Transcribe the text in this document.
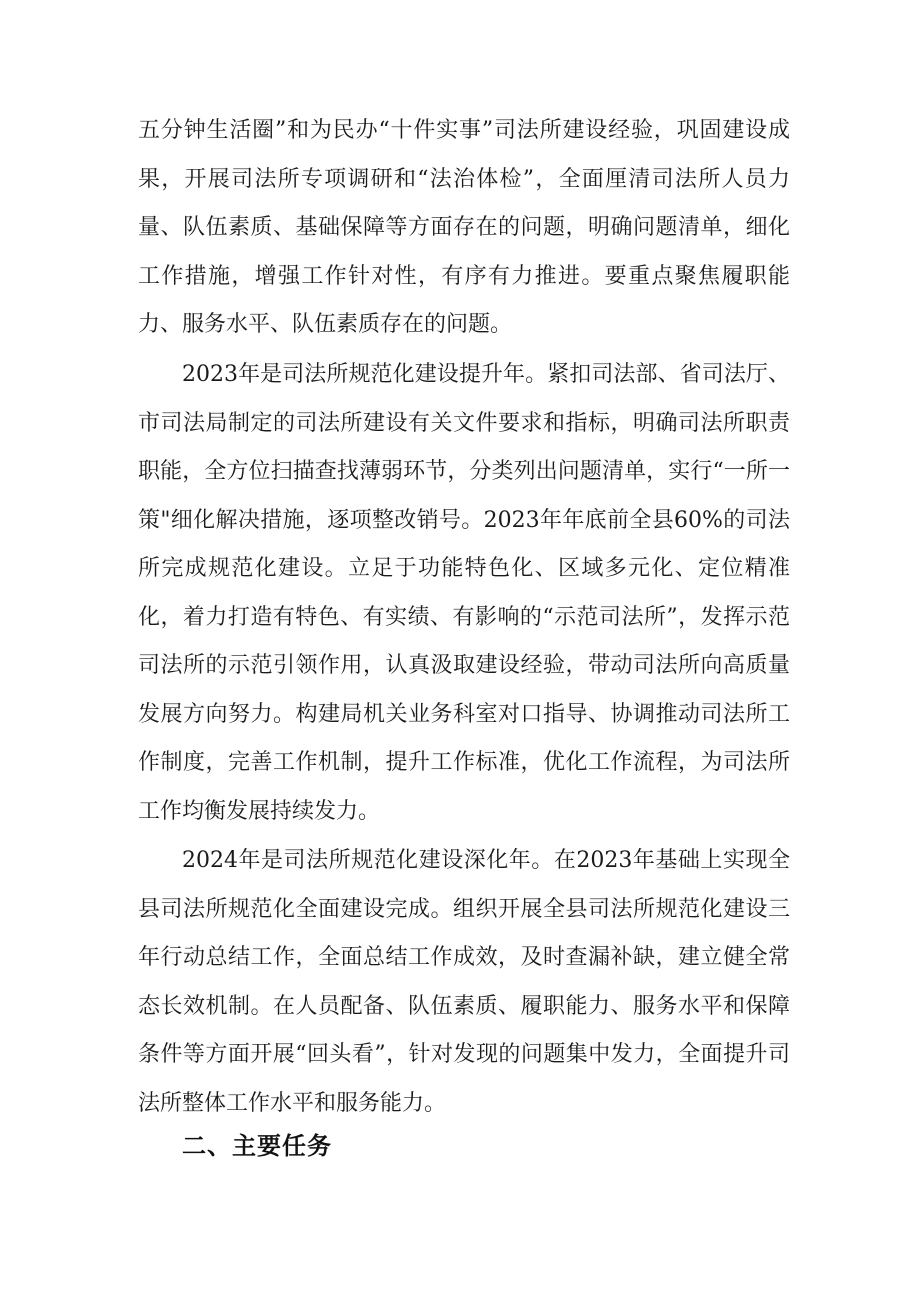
五分钟生活圈”和为民办“十件实事”司法所建设经验，巩固建设成果，开展司法所专项调研和“法治体检”，全面厘清司法所人员力量、队伍素质、基础保障等方面存在的问题，明确问题清单，细化工作措施，增强工作针对性，有序有力推进。要重点聚焦履职能力、服务水平、队伍素质存在的问题。

2023年是司法所规范化建设提升年。紧扣司法部、省司法厅、市司法局制定的司法所建设有关文件要求和指标，明确司法所职责职能，全方位扫描查找薄弱环节，分类列出问题清单，实行“一所一策"细化解决措施，逐项整改销号。2023年年底前全县60%的司法所完成规范化建设。立足于功能特色化、区域多元化、定位精准化，着力打造有特色、有实绩、有影响的“示范司法所”，发挥示范司法所的示范引领作用，认真汲取建设经验，带动司法所向高质量发展方向努力。构建局机关业务科室对口指导、协调推动司法所工作制度，完善工作机制，提升工作标准，优化工作流程，为司法所工作均衡发展持续发力。

2024年是司法所规范化建设深化年。在2023年基础上实现全县司法所规范化全面建设完成。组织开展全县司法所规范化建设三年行动总结工作，全面总结工作成效，及时查漏补缺，建立健全常态长效机制。在人员配备、队伍素质、履职能力、服务水平和保障条件等方面开展“回头看”，针对发现的问题集中发力，全面提升司法所整体工作水平和服务能力。

二、主要任务
